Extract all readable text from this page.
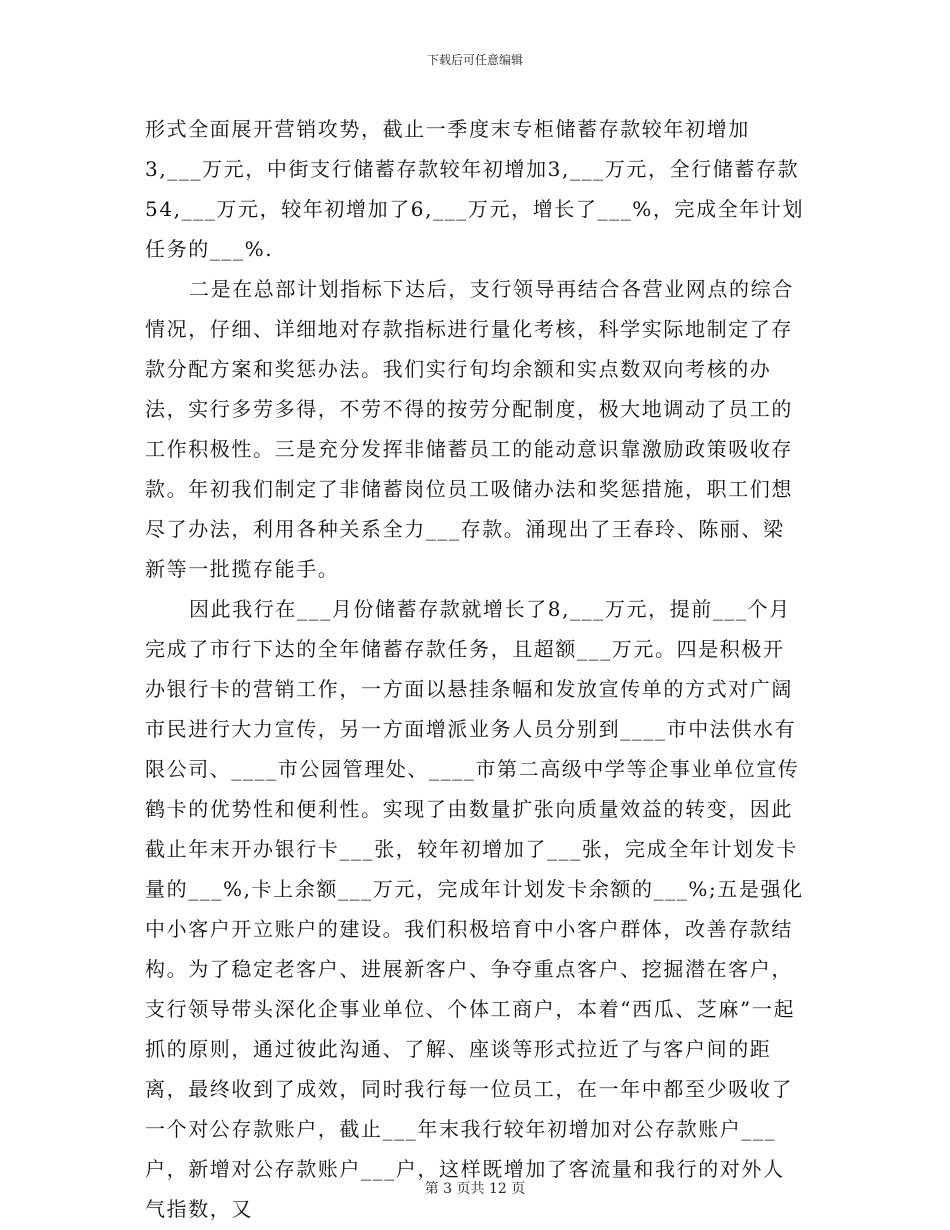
下载后可任意编辑

形式全面展开营销攻势，截止一季度末专柜储蓄存款较年初增加3,___万元，中街支行储蓄存款较年初增加3,___万元，全行储蓄存款54,___万元，较年初增加了6,___万元，增长了___%，完成全年计划任务的___%.

二是在总部计划指标下达后，支行领导再结合各营业网点的综合情况，仔细、详细地对存款指标进行量化考核，科学实际地制定了存款分配方案和奖惩办法。我们实行旬均余额和实点数双向考核的办法，实行多劳多得，不劳不得的按劳分配制度，极大地调动了员工的工作积极性。三是充分发挥非储蓄员工的能动意识靠激励政策吸收存款。年初我们制定了非储蓄岗位员工吸储办法和奖惩措施，职工们想尽了办法，利用各种关系全力___存款。涌现出了王春玲、陈丽、梁新等一批揽存能手。

因此我行在___月份储蓄存款就增长了8,___万元，提前___个月完成了市行下达的全年储蓄存款任务，且超额___万元。四是积极开办银行卡的营销工作，一方面以悬挂条幅和发放宣传单的方式对广阔市民进行大力宣传，另一方面增派业务人员分别到____市中法供水有限公司、____市公园管理处、____市第二高级中学等企事业单位宣传鹤卡的优势性和便利性。实现了由数量扩张向质量效益的转变，因此截止年末开办银行卡___张，较年初增加了___张，完成全年计划发卡量的___%,卡上余额___万元，完成年计划发卡余额的___%;五是强化中小客户开立账户的建设。我们积极培育中小客户群体，改善存款结构。为了稳定老客户、进展新客户、争夺重点客户、挖掘潜在客户，支行领导带头深化企事业单位、个体工商户，本着“西瓜、芝麻”一起抓的原则，通过彼此沟通、了解、座谈等形式拉近了与客户间的距离，最终收到了成效，同时我行每一位员工，在一年中都至少吸收了一个对公存款账户，截止___年末我行较年初增加对公存款账户___户，新增对公存款账户___户，这样既增加了客流量和我行的对外人气指数，又

第 3 页共 12 页
